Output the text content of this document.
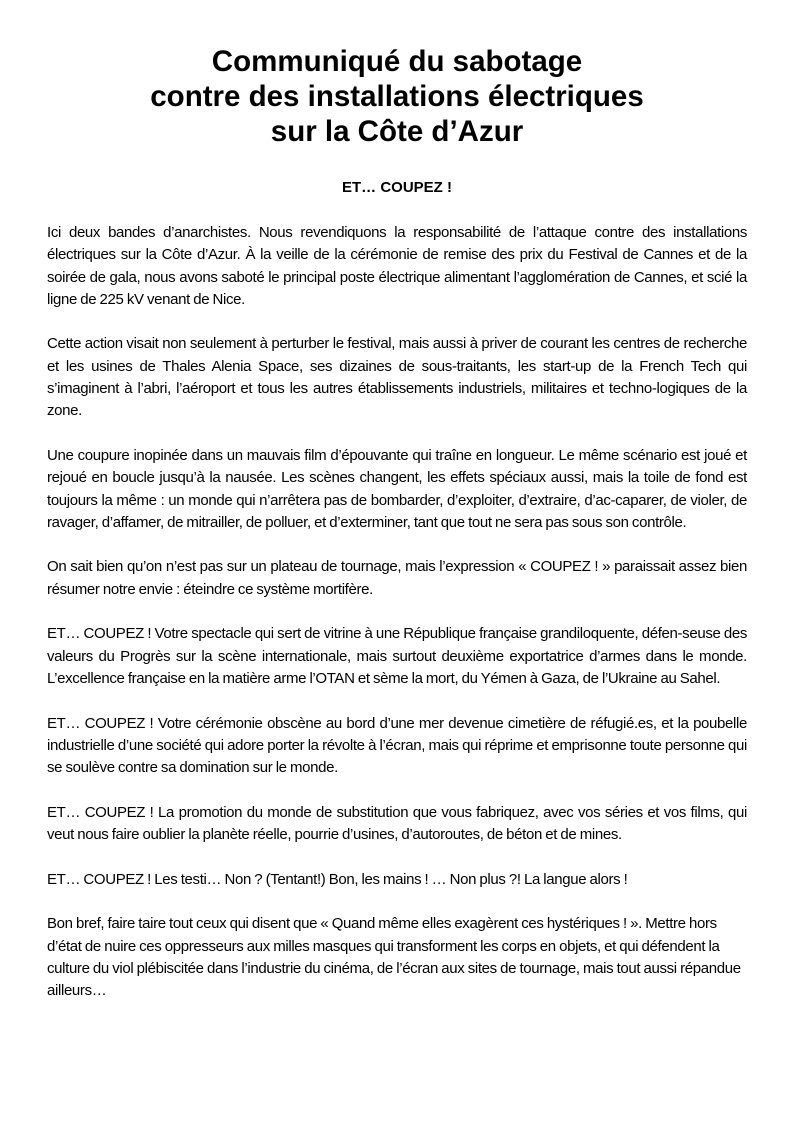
Communiqué du sabotage
contre des installations électriques
sur la Côte d’Azur
ET… COUPEZ !

Ici deux bandes d’anarchistes. Nous revendiquons la responsabilité de l’attaque contre des installations électriques sur la Côte d’Azur. À la veille de la cérémonie de remise des prix du Festival de Cannes et de la soirée de gala, nous avons saboté le principal poste électrique alimentant l’agglomération de Cannes, et scié la ligne de 225 kV venant de Nice.

Cette action visait non seulement à perturber le festival, mais aussi à priver de courant les centres de recherche et les usines de Thales Alenia Space, ses dizaines de sous-traitants, les start-up de la French Tech qui s’imaginent à l’abri, l’aéroport et tous les autres établissements industriels, militaires et techno-logiques de la zone.

Une coupure inopinée dans un mauvais film d’épouvante qui traîne en longueur. Le même scénario est joué et rejoué en boucle jusqu’à la nausée. Les scènes changent, les effets spéciaux aussi, mais la toile de fond est toujours la même : un monde qui n’arrêtera pas de bombarder, d’exploiter, d’extraire, d’ac-caparer, de violer, de ravager, d’affamer, de mitrailler, de polluer, et d’exterminer, tant que tout ne sera pas sous son contrôle.

On sait bien qu’on n’est pas sur un plateau de tournage, mais l’expression « COUPEZ ! » paraissait assez bien résumer notre envie : éteindre ce système mortifère.

ET… COUPEZ ! Votre spectacle qui sert de vitrine à une République française grandiloquente, défen-seuse des valeurs du Progrès sur la scène internationale, mais surtout deuxième exportatrice d’armes dans le monde. L’excellence française en la matière arme l’OTAN et sème la mort, du Yémen à Gaza, de l’Ukraine au Sahel.

ET… COUPEZ ! Votre cérémonie obscène au bord d’une mer devenue cimetière de réfugié.es, et la poubelle industrielle d’une société qui adore porter la révolte à l’écran, mais qui réprime et emprisonne toute personne qui se soulève contre sa domination sur le monde.

ET… COUPEZ ! La promotion du monde de substitution que vous fabriquez, avec vos séries et vos films, qui veut nous faire oublier la planète réelle, pourrie d’usines, d’autoroutes, de béton et de mines.

ET… COUPEZ ! Les testi… Non ? (Tentant!) Bon, les mains ! … Non plus ?! La langue alors !

Bon bref, faire taire tout ceux qui disent que « Quand même elles exagèrent ces hystériques ! ». Mettre hors d’état de nuire ces oppresseurs aux milles masques qui transforment les corps en objets, et qui défendent la culture du viol plébiscitée dans l’industrie du cinéma, de l’écran aux sites de tournage, mais tout aussi répandue ailleurs…
